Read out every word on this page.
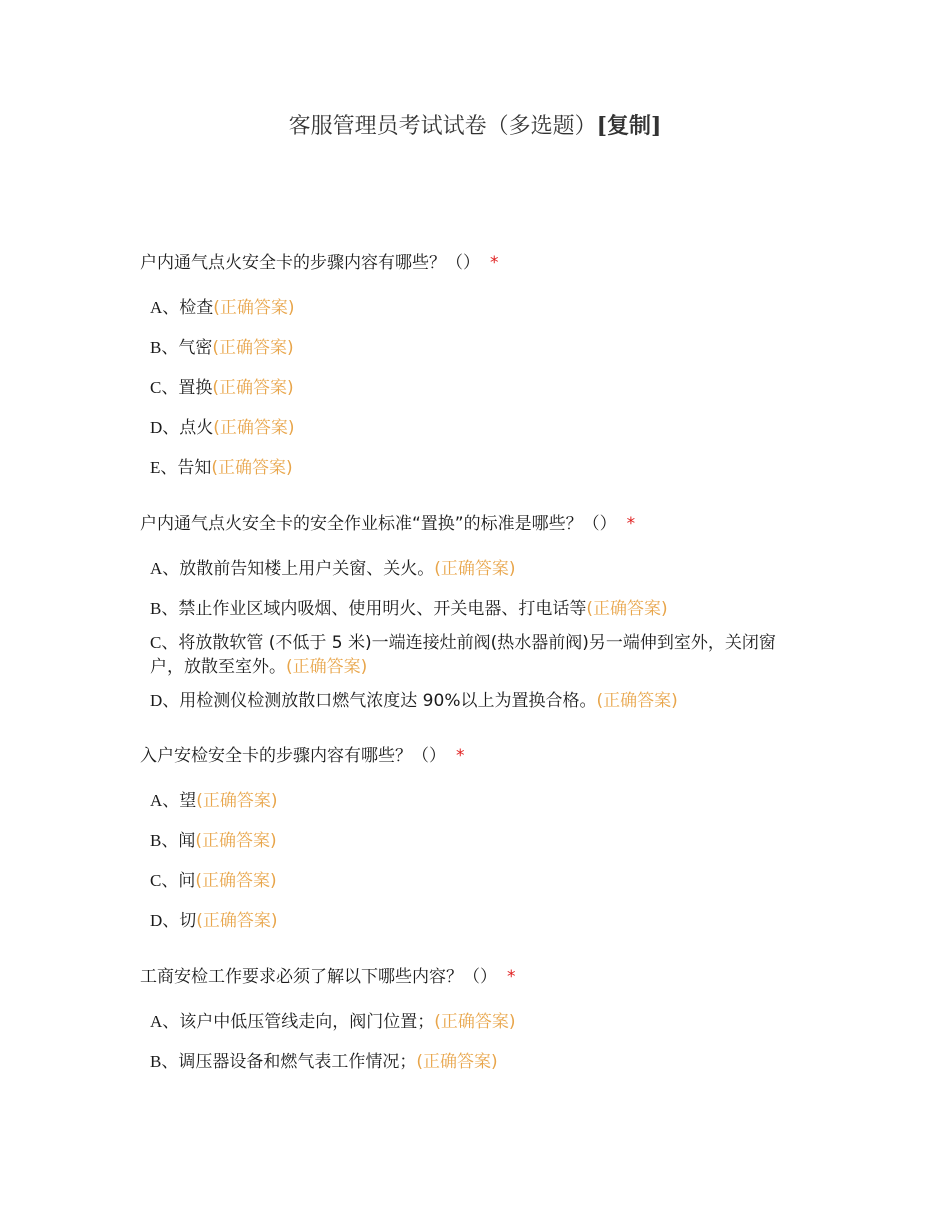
客服管理员考试试卷（多选题）[复制]
户内通气点火安全卡的步骤内容有哪些？（） *
A、检查(正确答案)
B、气密(正确答案)
C、置换(正确答案)
D、点火(正确答案)
E、告知(正确答案)
户内通气点火安全卡的安全作业标准“置换”的标准是哪些？（） *
A、放散前告知楼上用户关窗、关火。(正确答案)
B、禁止作业区域内吸烟、使用明火、开关电器、打电话等(正确答案)
C、将放散软管 (不低于 5 米)一端连接灶前阀(热水器前阀)另一端伸到室外，关闭窗户，放散至室外。(正确答案)
D、用检测仪检测放散口燃气浓度达 90%以上为置换合格。(正确答案)
入户安检安全卡的步骤内容有哪些？（） *
A、望(正确答案)
B、闻(正确答案)
C、问(正确答案)
D、切(正确答案)
工商安检工作要求必须了解以下哪些内容？（） *
A、该户中低压管线走向，阀门位置；(正确答案)
B、调压器设备和燃气表工作情况；(正确答案)
